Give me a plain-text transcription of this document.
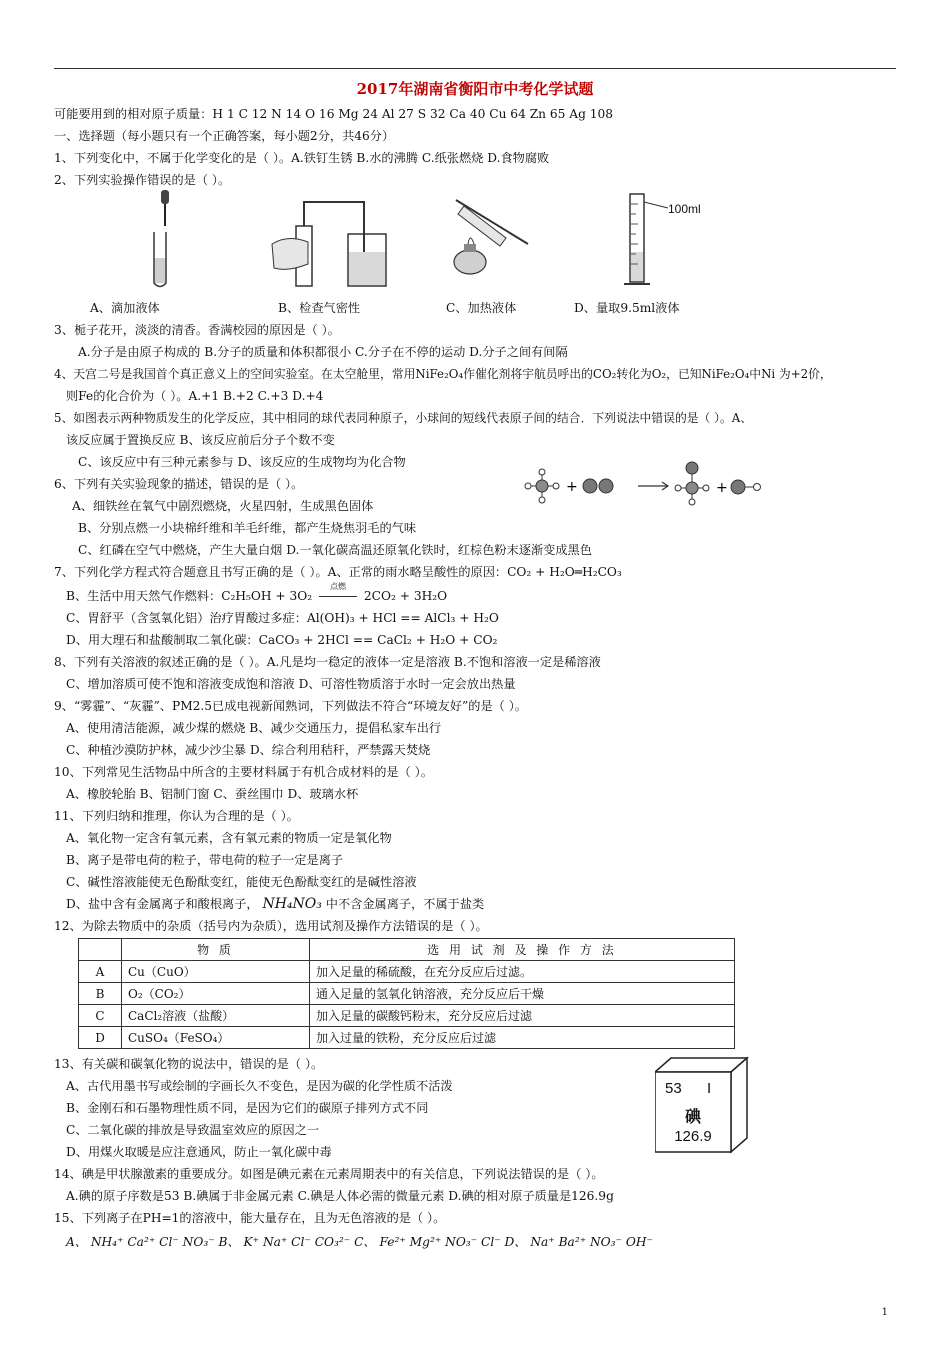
2017年湖南省衡阳市中考化学试题
可能要用到的相对原子质量：H 1 C 12 N 14 O 16 Mg 24 Al 27 S 32 Ca 40 Cu 64 Zn 65 Ag 108
一、选择题（每小题只有一个正确答案，每小题2分，共46分）
1、下列变化中，不属于化学变化的是（ ）。A.铁钉生锈 B.水的沸腾 C.纸张燃烧 D.食物腐败
2、下列实验操作错误的是（ ）。
100ml
A、滴加液体	B、检查气密性	C、加热液体	D、量取9.5ml液体
3、栀子花开，淡淡的清香。香满校园的原因是（ ）。
A.分子是由原子构成的 B.分子的质量和体积都很小 C.分子在不停的运动 D.分子之间有间隔
4、天宫二号是我国首个真正意义上的空间实验室。在太空舱里，常用NiFe₂O₄作催化剂将宇航员呼出的CO₂转化为O₂，已知NiFe₂O₄中Ni 为+2价，
则Fe的化合价为（ ）。A.+1 B.+2 C.+3 D.+4
5、如图表示两种物质发生的化学反应，其中相同的球代表同种原子，小球间的短线代表原子间的结合．下列说法中错误的是（ ）。A、
该反应属于置换反应 B、该反应前后分子个数不变
C、该反应中有三种元素参与 D、该反应的生成物均为化合物
+	+
6、下列有关实验现象的描述，错误的是（ ）。
A、细铁丝在氧气中剧烈燃烧，火星四射，生成黑色固体
B、分别点燃一小块棉纤维和羊毛纤维，都产生烧焦羽毛的气味
C、红磷在空气中燃烧，产生大量白烟 D.一氧化碳高温还原氧化铁时，红棕色粉末逐渐变成黑色
7、下列化学方程式符合题意且书写正确的是（ ）。A、正常的雨水略呈酸性的原因：CO₂ + H₂O═H₂CO₃
B、生活中用天然气作燃料：C₂H₅OH + 3O₂
点燃
2CO₂ + 3H₂O
C、胃舒平（含氢氧化铝）治疗胃酸过多症：Al(OH)₃ + HCl == AlCl₃ + H₂O
D、用大理石和盐酸制取二氧化碳：CaCO₃ + 2HCl == CaCl₂ + H₂O + CO₂
8、下列有关溶液的叙述正确的是（ ）。A.凡是均一稳定的液体一定是溶液 B.不饱和溶液一定是稀溶液
C、增加溶质可使不饱和溶液变成饱和溶液 D、可溶性物质溶于水时一定会放出热量
9、“雾霾”、“灰霾”、PM2.5已成电视新闻熟词，下列做法不符合“环境友好”的是（ ）。
A、使用清洁能源，减少煤的燃烧 B、减少交通压力，提倡私家车出行
C、种植沙漠防护林，减少沙尘暴 D、综合利用秸秆，严禁露天焚烧
10、下列常见生活物品中所含的主要材料属于有机合成材料的是（ ）。
A、橡胶轮胎 B、铝制门窗 C、蚕丝围巾 D、玻璃水杯
11、下列归纳和推理，你认为合理的是（ ）。
A、氧化物一定含有氧元素，含有氧元素的物质一定是氧化物
B、离子是带电荷的粒子，带电荷的粒子一定是离子
C、碱性溶液能使无色酚酞变红，能使无色酚酞变红的是碱性溶液
D、盐中含有金属离子和酸根离子， NH₄NO₃ 中不含金属离子，不属于盐类
12、为除去物质中的杂质（括号内为杂质），选用试剂及操作方法错误的是（ ）。
	物 质	选 用 试 剂 及 操 作 方 法
A	Cu（CuO）	加入足量的稀硫酸，在充分反应后过滤。
B	O₂（CO₂）	通入足量的氢氧化钠溶液，充分反应后干燥
C	CaCl₂溶液（盐酸）	加入足量的碳酸钙粉末，充分反应后过滤
D	CuSO₄（FeSO₄）	加入过量的铁粉，充分反应后过滤
13、有关碳和碳氧化物的说法中，错误的是（ ）。
A、古代用墨书写或绘制的字画长久不变色，是因为碳的化学性质不活泼
B、金刚石和石墨物理性质不同，是因为它们的碳原子排列方式不同
C、二氧化碳的排放是导致温室效应的原因之一
D、用煤火取暖是应注意通风，防止一氧化碳中毒
53 I
碘
126.9
14、碘是甲状腺激素的重要成分。如图是碘元素在元素周期表中的有关信息，下列说法错误的是（ ）。
A.碘的原子序数是53 B.碘属于非金属元素 C.碘是人体必需的微量元素 D.碘的相对原子质量是126.9g
15、下列离子在PH=1的溶液中，能大量存在，且为无色溶液的是（ ）。
A、 NH₄⁺ Ca²⁺ Cl⁻ NO₃⁻ B、 K⁺ Na⁺ Cl⁻ CO₃²⁻ C、 Fe²⁺ Mg²⁺ NO₃⁻ Cl⁻ D、 Na⁺ Ba²⁺ NO₃⁻ OH⁻
1
